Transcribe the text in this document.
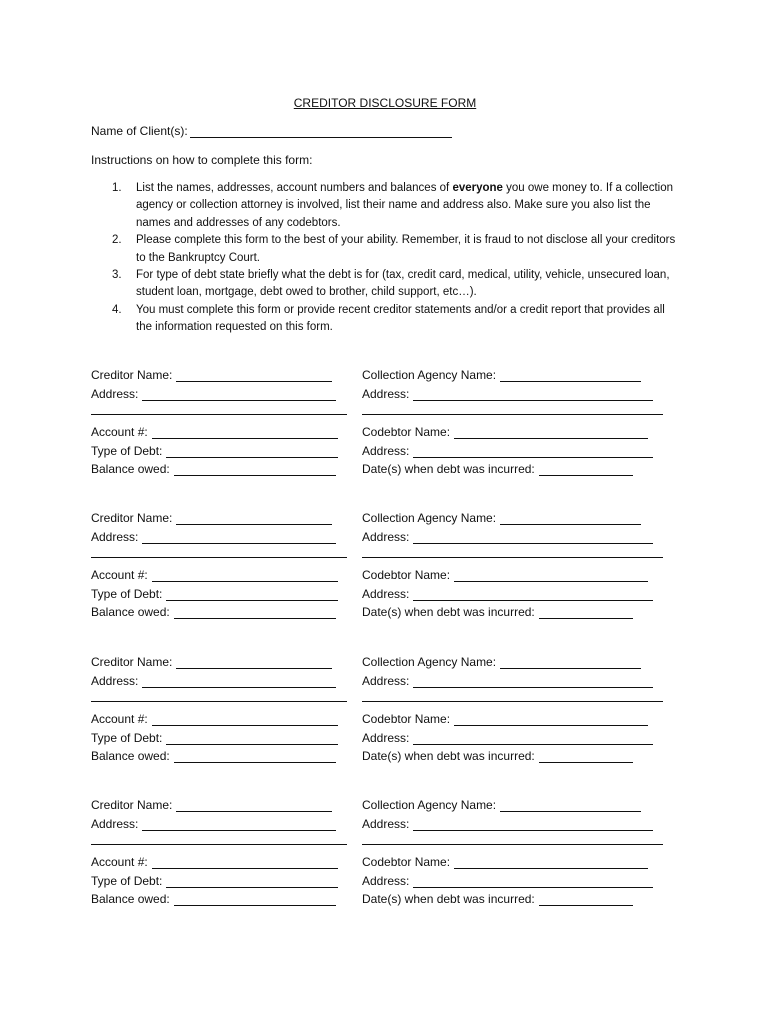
CREDITOR DISCLOSURE FORM
Name of Client(s):
Instructions on how to complete this form:
1.	List the names, addresses, account numbers and balances of everyone you owe money to. If a collection agency or collection attorney is involved, list their name and address also. Make sure you also list the names and addresses of any codebtors.
2.	Please complete this form to the best of your ability. Remember, it is fraud to not disclose all your creditors to the Bankruptcy Court.
3.	For type of debt state briefly what the debt is for (tax, credit card, medical, utility, vehicle, unsecured loan, student loan, mortgage, debt owed to brother, child support, etc…).
4.	You must complete this form or provide recent creditor statements and/or a credit report that provides all the information requested on this form.
Creditor Name:	Collection Agency Name:
Address:	Address:
Account #:	Codebtor Name:
Type of Debt:	Address:
Balance owed:	Date(s) when debt was incurred:
Creditor Name:	Collection Agency Name:
Address:	Address:
Account #:	Codebtor Name:
Type of Debt:	Address:
Balance owed:	Date(s) when debt was incurred:
Creditor Name:	Collection Agency Name:
Address:	Address:
Account #:	Codebtor Name:
Type of Debt:	Address:
Balance owed:	Date(s) when debt was incurred:
Creditor Name:	Collection Agency Name:
Address:	Address:
Account #:	Codebtor Name:
Type of Debt:	Address:
Balance owed:	Date(s) when debt was incurred:
